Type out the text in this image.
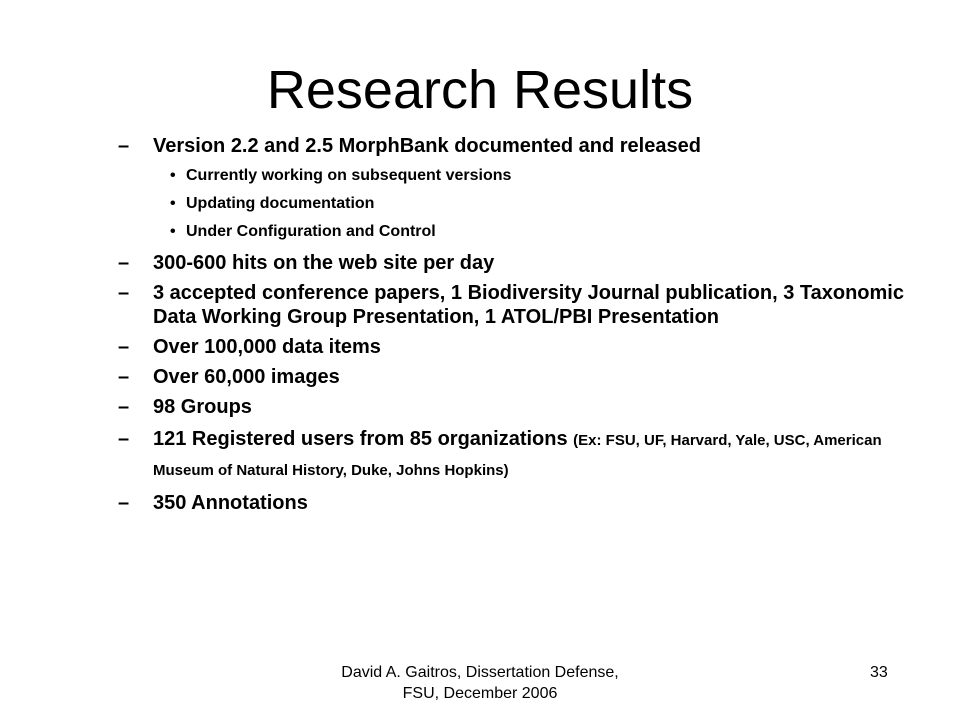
Research Results
– Version 2.2 and 2.5 MorphBank documented and released
• Currently working on subsequent versions
• Updating documentation
• Under Configuration and Control
– 300-600 hits on the web site per day
– 3 accepted conference papers, 1 Biodiversity Journal publication, 3 Taxonomic Data Working Group Presentation, 1 ATOL/PBI Presentation
– Over 100,000 data items
– Over 60,000 images
– 98 Groups
– 121 Registered users from 85 organizations (Ex: FSU, UF, Harvard, Yale, USC, American Museum of Natural History, Duke, Johns Hopkins)
– 350 Annotations
David A. Gaitros, Dissertation Defense, FSU, December 2006
33
